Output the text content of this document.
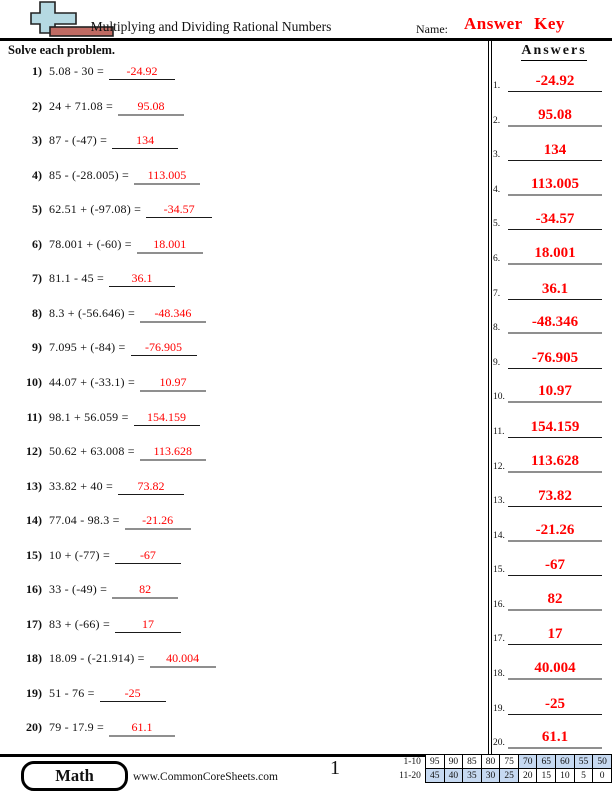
Multiplying and Dividing Rational Numbers	Name: Answer Key
Solve each problem.
1) 5.08 - 30 = -24.92
2) 24 + 71.08 = 95.08
3) 87 - (-47) = 134
4) 85 - (-28.005) = 113.005
5) 62.51 + (-97.08) = -34.57
6) 78.001 + (-60) = 18.001
7) 81.1 - 45 = 36.1
8) 8.3 + (-56.646) = -48.346
9) 7.095 + (-84) = -76.905
10) 44.07 + (-33.1) = 10.97
11) 98.1 + 56.059 = 154.159
12) 50.62 + 63.008 = 113.628
13) 33.82 + 40 = 73.82
14) 77.04 - 98.3 = -21.26
15) 10 + (-77) =	-67
16) 33 - (-49) =	82
17) 83 + (-66) =	17
18) 18.09 - (-21.914) = 40.004
19) 51 - 76 =	-25
20) 79 - 17.9 = 61.1
Answers
1.	-24.92
2.	95.08
3.	134
4.	113.005
5.	-34.57
6.	18.001
7.	36.1
8.	-48.346
9.	-76.905
10.	10.97
11.	154.159
12.	113.628
13.	73.82
14.	-21.26
15.	-67
16.	82
17.	17
18.	40.004
19.	-25
20.	61.1
Math	www.CommonCoreSheets.com	1	1-10	95	90	85	80	75	70	65	60	55	50
11-20	45	40	35	30	25	20	15	10	5	0
